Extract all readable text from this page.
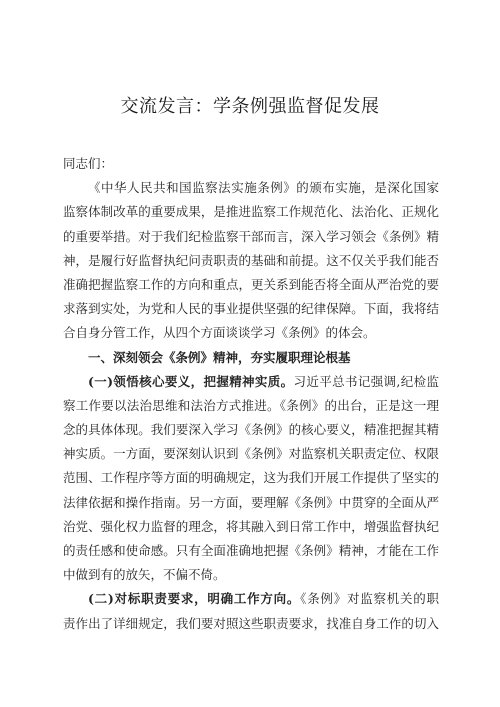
交流发言：学条例强监督促发展
同志们：
《中华人民共和国监察法实施条例》的颁布实施，是深化国家
监察体制改革的重要成果，是推进监察工作规范化、法治化、正规化
的重要举措。对于我们纪检监察干部而言，深入学习领会《条例》精
神，是履行好监督执纪问责职责的基础和前提。这不仅关乎我们能否
准确把握监察工作的方向和重点，更关系到能否将全面从严治党的要
求落到实处，为党和人民的事业提供坚强的纪律保障。下面，我将结
合自身分管工作，从四个方面谈谈学习《条例》的体会。
一、深刻领会《条例》精神，夯实履职理论根基
(一)领悟核心要义，把握精神实质。习近平总书记强调,纪检监
察工作要以法治思维和法治方式推进。《条例》的出台，正是这一理
念的具体体现。我们要深入学习《条例》的核心要义，精准把握其精
神实质。一方面，要深刻认识到《条例》对监察机关职责定位、权限
范围、工作程序等方面的明确规定，这为我们开展工作提供了坚实的
法律依据和操作指南。另一方面，要理解《条例》中贯穿的全面从严
治党、强化权力监督的理念，将其融入到日常工作中，增强监督执纪
的责任感和使命感。只有全面准确地把握《条例》精神，才能在工作
中做到有的放矢，不偏不倚。
(二)对标职责要求，明确工作方向。《条例》对监察机关的职
责作出了详细规定，我们要对照这些职责要求，找准自身工作的切入
